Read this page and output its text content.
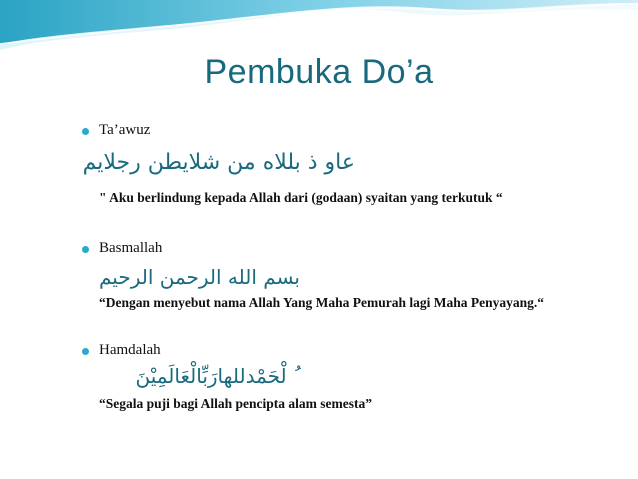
Pembuka Do’a
Ta’awuz
عاو ذ بللاه من شلايطن رجلايم
" Aku berlindung kepada Allah dari (godaan) syaitan yang terkutuk “
Basmallah
بسم الله الرحمن الرحيم
“Dengan menyebut nama Allah Yang Maha Pemurah lagi Maha Penyayang.“
Hamdalah
ُ لْحَمْدللهارَبِّالْعَالَمِيْنَ
“Segala puji bagi Allah pencipta alam semesta”
